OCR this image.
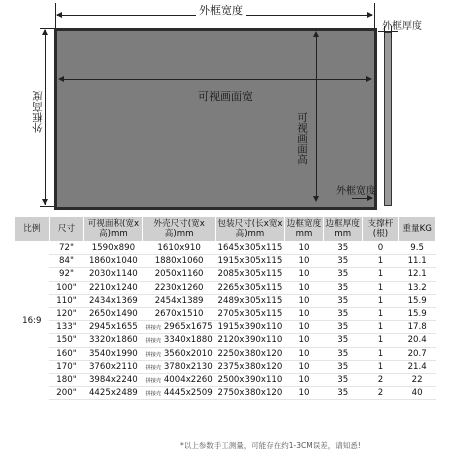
外框宽度
外框高度	可视画面宽
可视画面高
外框宽度
外框厚度
比例	尺寸	可视面积(宽x高)mm	外壳尺寸(宽x高)mm	包装尺寸(长x宽x高)mm	边框宽度mm	边框厚度mm	支撑杆(根)	重量KG
16:9	72"	1590x890	1610x910	1645x305x115	10	35	0	9.5
	84"	1860x1040	1880x1060	1915x305x115	10	35	1	11.1
	92"	2030x1140	2050x1160	2085x305x115	10	35	1	12.1
	100"	2210x1240	2230x1260	2265x305x115	10	35	1	13.2
	110"	2434x1369	2454x1389	2489x305x115	10	35	1	15.9
	120"	2650x1490	2670x1510	2705x305x115	10	35	1	15.9
	133"	2945x1655	拼接壳 2965x1675	1915x390x110	10	35	1	17.8
	150"	3320x1860	拼接壳 3340x1880	2120x390x110	10	35	1	20.4
	160"	3540x1990	拼接壳 3560x2010	2250x380x120	10	35	1	20.7
	170"	3760x2110	拼接壳 3780x2130	2375x380x120	10	35	1	21.4
	180"	3984x2240	拼接壳 4004x2260	2500x390x110	10	35	2	22
	200"	4425x2489	拼接壳 4445x2509	2750x380x120	10	35	2	40
*以上参数手工测量，可能存在约1-3CM误差，请知悉!
